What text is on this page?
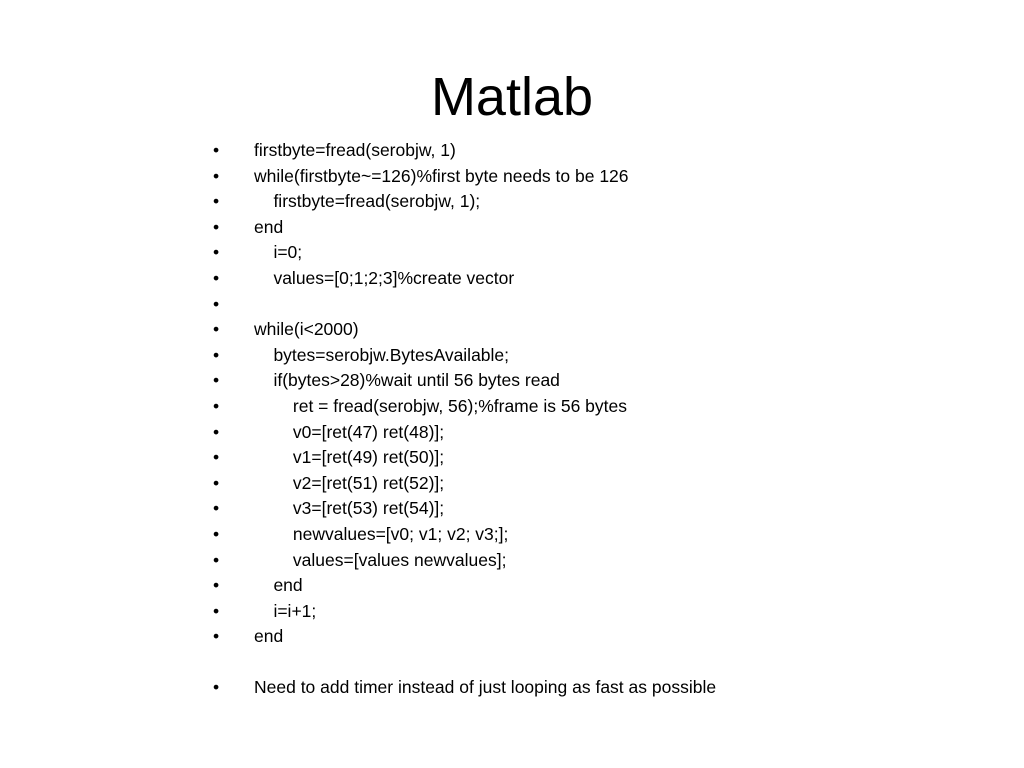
Matlab
• firstbyte=fread(serobjw, 1)
• while(firstbyte~=126)%first byte needs to be 126
• firstbyte=fread(serobjw, 1);
• end
• i=0;
• values=[0;1;2;3]%create vector
•
• while(i<2000)
• bytes=serobjw.BytesAvailable;
• if(bytes>28)%wait until 56 bytes read
• ret = fread(serobjw, 56);%frame is 56 bytes
• v0=[ret(47) ret(48)];
• v1=[ret(49) ret(50)];
• v2=[ret(51) ret(52)];
• v3=[ret(53) ret(54)];
• newvalues=[v0; v1; v2; v3;];
• values=[values newvalues];
• end
• i=i+1;
• end
• Need to add timer instead of just looping as fast as possible
